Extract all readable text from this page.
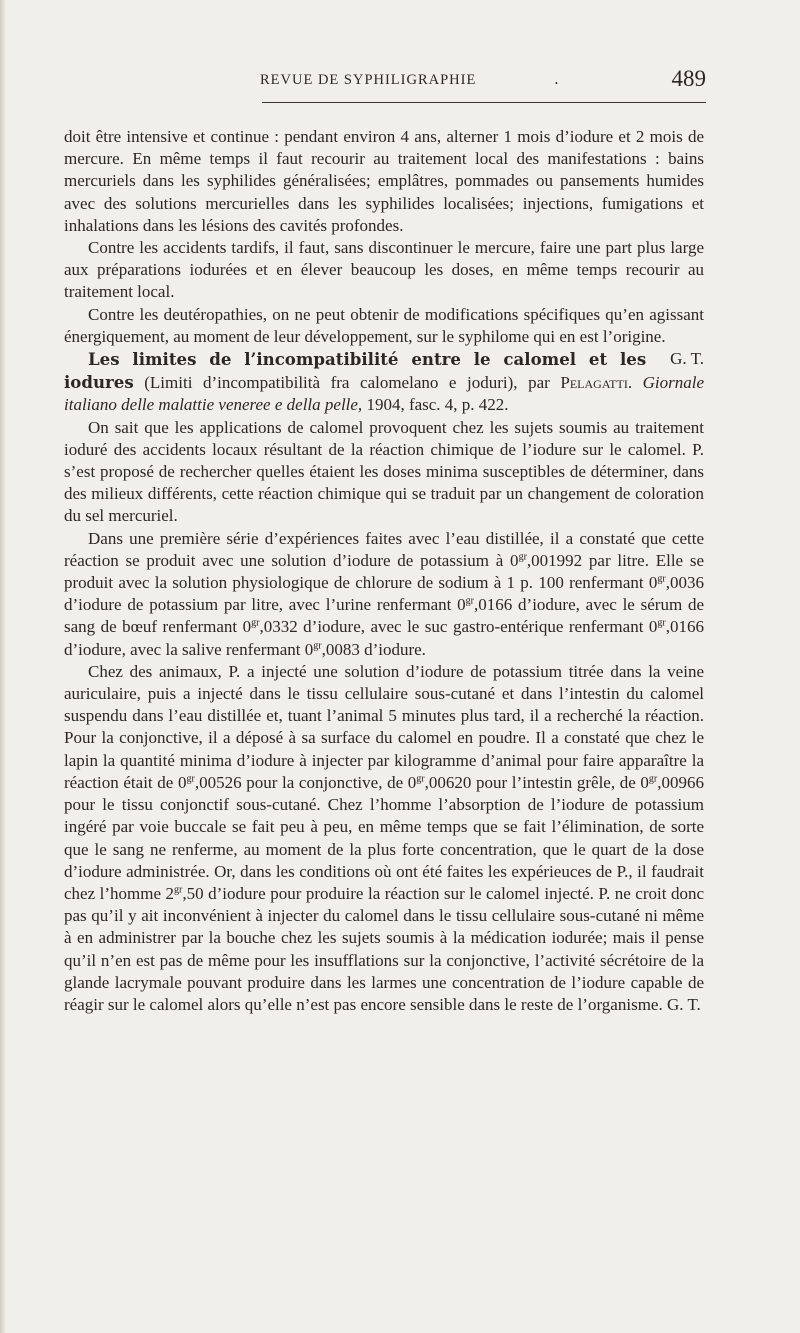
REVUE DE SYPHILIGRAPHIE	.	489

doit être intensive et continue : pendant environ 4 ans, alterner 1 mois d’iodure et 2 mois de mercure. En même temps il faut recourir au traitement local des manifestations : bains mercuriels dans les syphilides généralisées; emplâtres, pommades ou pansements humides avec des solutions mercurielles dans les syphilides localisées; injections, fumigations et inhalations dans les lésions des cavités profondes.

Contre les accidents tardifs, il faut, sans discontinuer le mercure, faire une part plus large aux préparations iodurées et en élever beaucoup les doses, en même temps recourir au traitement local.

Contre les deutéropathies, on ne peut obtenir de modifications spécifiques qu’en agissant énergiquement, au moment de leur développement, sur le syphilome qui en est l’origine.
G. T.

Les limites de l’incompatibilité entre le calomel et les iodures (Limiti d’incompatibilità fra calomelano e joduri), par Pelagatti. Giornale italiano delle malattie veneree e della pelle, 1904, fasc. 4, p. 422.

On sait que les applications de calomel provoquent chez les sujets soumis au traitement ioduré des accidents locaux résultant de la réaction chimique de l’iodure sur le calomel. P. s’est proposé de rechercher quelles étaient les doses minima susceptibles de déterminer, dans des milieux différents, cette réaction chimique qui se traduit par un changement de coloration du sel mercuriel.

Dans une première série d’expériences faites avec l’eau distillée, il a constaté que cette réaction se produit avec une solution d’iodure de potassium à $0^{gr},001992$ par litre. Elle se produit avec la solution physiologique de chlorure de sodium à 1 p. 100 renfermant $0^{gr},0036$ d’iodure de potassium par litre, avec l’urine renfermant $0^{gr},0166$ d’iodure, avec le sérum de sang de bœuf renfermant $0^{gr},0332$ d’iodure, avec le suc gastro-entérique renfermant $0^{gr},0166$ d’iodure, avec la salive renfermant $0^{gr},0083$ d’iodure.

Chez des animaux, P. a injecté une solution d’iodure de potassium titrée dans la veine auriculaire, puis a injecté dans le tissu cellulaire sous-cutané et dans l’intestin du calomel suspendu dans l’eau distillée et, tuant l’animal 5 minutes plus tard, il a recherché la réaction. Pour la conjonctive, il a déposé à sa surface du calomel en poudre. Il a constaté que chez le lapin la quantité minima d’iodure à injecter par kilogramme d’animal pour faire apparaître la réaction était de $0^{gr},00526$ pour la conjonctive, de $0^{gr},00620$ pour l’intestin grêle, de $0^{gr},00966$ pour le tissu conjonctif sous-cutané. Chez l’homme l’absorption de l’iodure de potassium ingéré par voie buccale se fait peu à peu, en même temps que se fait l’élimination, de sorte que le sang ne renferme, au moment de la plus forte concentration, que le quart de la dose d’iodure administrée. Or, dans les conditions où ont été faites les expérieuces de P., il faudrait chez l’homme $2^{gr},50$ d’iodure pour produire la réaction sur le calomel injecté. P. ne croit donc pas qu’il y ait inconvénient à injecter du calomel dans le tissu cellulaire sous-cutané ni même à en administrer par la bouche chez les sujets soumis à la médication iodurée; mais il pense qu’il n’en est pas de même pour les insufflations sur la conjonctive, l’activité sécrétoire de la glande lacrymale pouvant produire dans les larmes une concentration de l’iodure capable de réagir sur le calomel alors qu’elle n’est pas encore sensible dans le reste de l’organisme. G. T.
